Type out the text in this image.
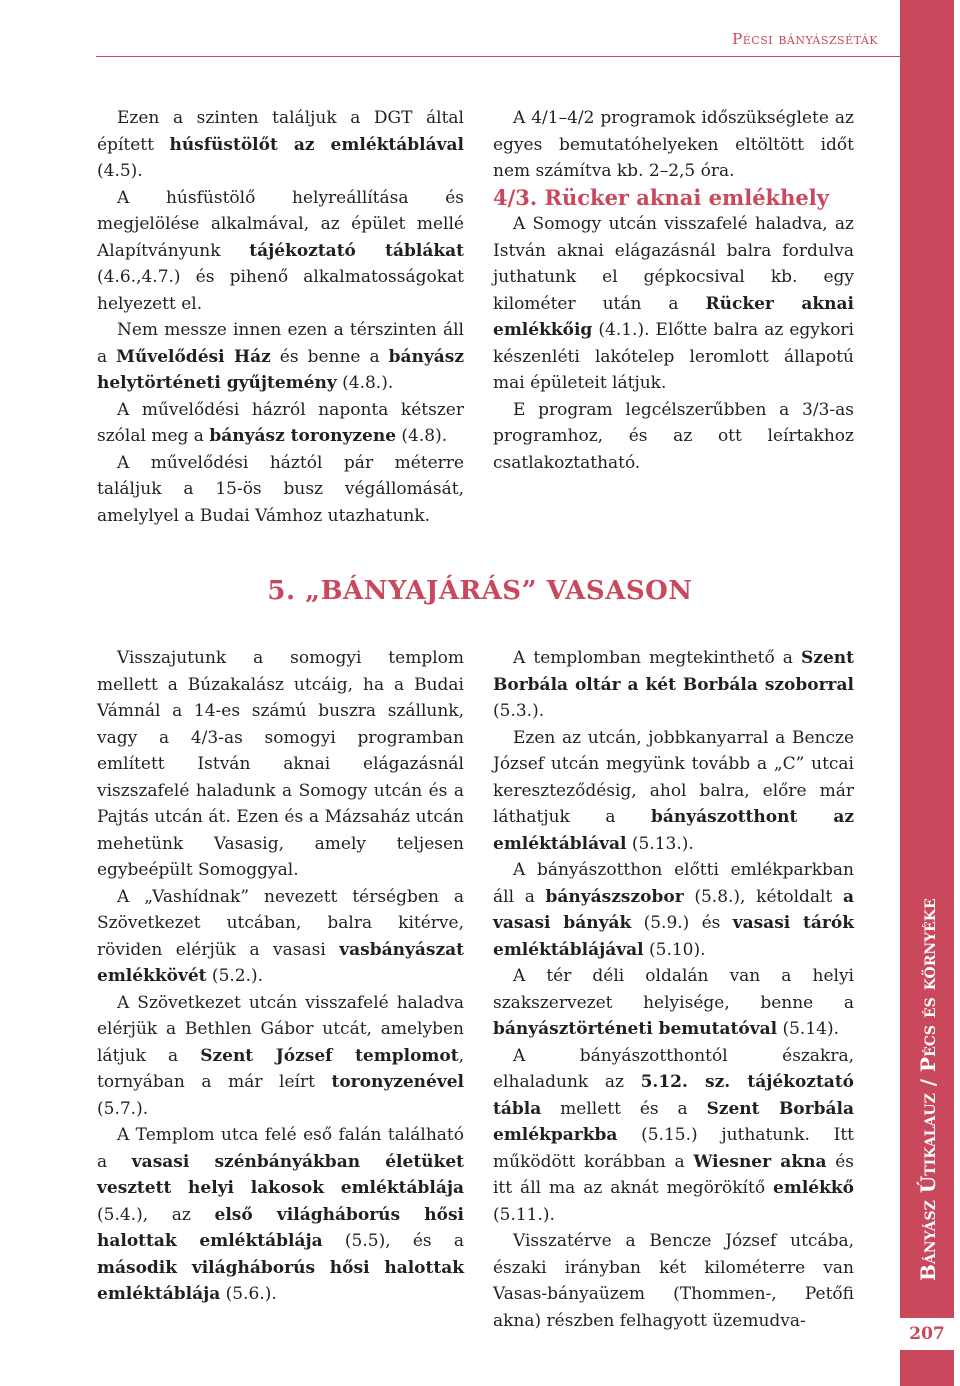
Pécsi bányászséták
Bányász Útikalauz / Pécs és környéke
207

Ezen a szinten találjuk a DGT által épített húsfüstölőt az emléktáblával (4.5).

A húsfüstölő helyreállítása és megjelölése alkalmával, az épület mellé Alapítványunk tájékoztató táblákat (4.6.,4.7.) és pihenő alkalmatosságokat helyezett el.

Nem messze innen ezen a térszinten áll a Művelődési Ház és benne a bányász helytörténeti gyűjtemény (4.8.).

A művelődési házról naponta kétszer szólal meg a bányász toronyzene (4.8).

A művelődési háztól pár méterre találjuk a 15-ös busz végállomását, amelylyel a Budai Vámhoz utazhatunk.

A 4/1–4/2 programok időszükséglete az egyes bemutatóhelyeken eltöltött időt nem számítva kb. 2–2,5 óra.

4/3. Rücker aknai emlékhely

A Somogy utcán visszafelé haladva, az István aknai elágazásnál balra fordulva juthatunk el gépkocsival kb. egy kilométer után a Rücker aknai emlékkőig (4.1.). Előtte balra az egykori készenléti lakótelep leromlott állapotú mai épületeit látjuk.

E program legcélszerűbben a 3/3-as programhoz, és az ott leírtakhoz csatlakoztatható.

5. „BÁNYAJÁRÁS” VASASON

Visszajutunk a somogyi templom mellett a Búzakalász utcáig, ha a Budai Vámnál a 14-es számú buszra szállunk, vagy a 4/3-as somogyi programban említett István aknai elágazásnál viszszafelé haladunk a Somogy utcán és a Pajtás utcán át. Ezen és a Mázsaház utcán mehetünk Vasasig, amely teljesen egybeépült Somoggyal.

A „Vashídnak” nevezett térségben a Szövetkezet utcában, balra kitérve, röviden elérjük a vasasi vasbányászat emlékkövét (5.2.).

A Szövetkezet utcán visszafelé haladva elérjük a Bethlen Gábor utcát, amelyben látjuk a Szent József templomot, tornyában a már leírt toronyzenével (5.7.).

A Templom utca felé eső falán található a vasasi szénbányákban életüket vesztett helyi lakosok emléktáblája (5.4.), az első világháborús hősi halottak emléktáblája (5.5), és a második világháborús hősi halottak emléktáblája (5.6.).

A templomban megtekinthető a Szent Borbála oltár a két Borbála szoborral (5.3.).

Ezen az utcán, jobbkanyarral a Bencze József utcán megyünk tovább a „C” utcai kereszteződésig, ahol balra, előre már láthatjuk a bányászotthont az emléktáblával (5.13.).

A bányászotthon előtti emlékparkban áll a bányászszobor (5.8.), kétoldalt a vasasi bányák (5.9.) és vasasi tárók emléktáblájával (5.10).

A tér déli oldalán van a helyi szakszervezet helyisége, benne a bányásztörténeti bemutatóval (5.14).

A bányászotthontól északra, elhaladunk az 5.12. sz. tájékoztató tábla mellett és a Szent Borbála emlékparkba (5.15.) juthatunk. Itt működött korábban a Wiesner akna és itt áll ma az aknát megörökítő emlékkő (5.11.).

Visszatérve a Bencze József utcába, északi irányban két kilométerre van Vasas-bányaüzem (Thommen-, Petőfi akna) részben felhagyott üzemudva-
